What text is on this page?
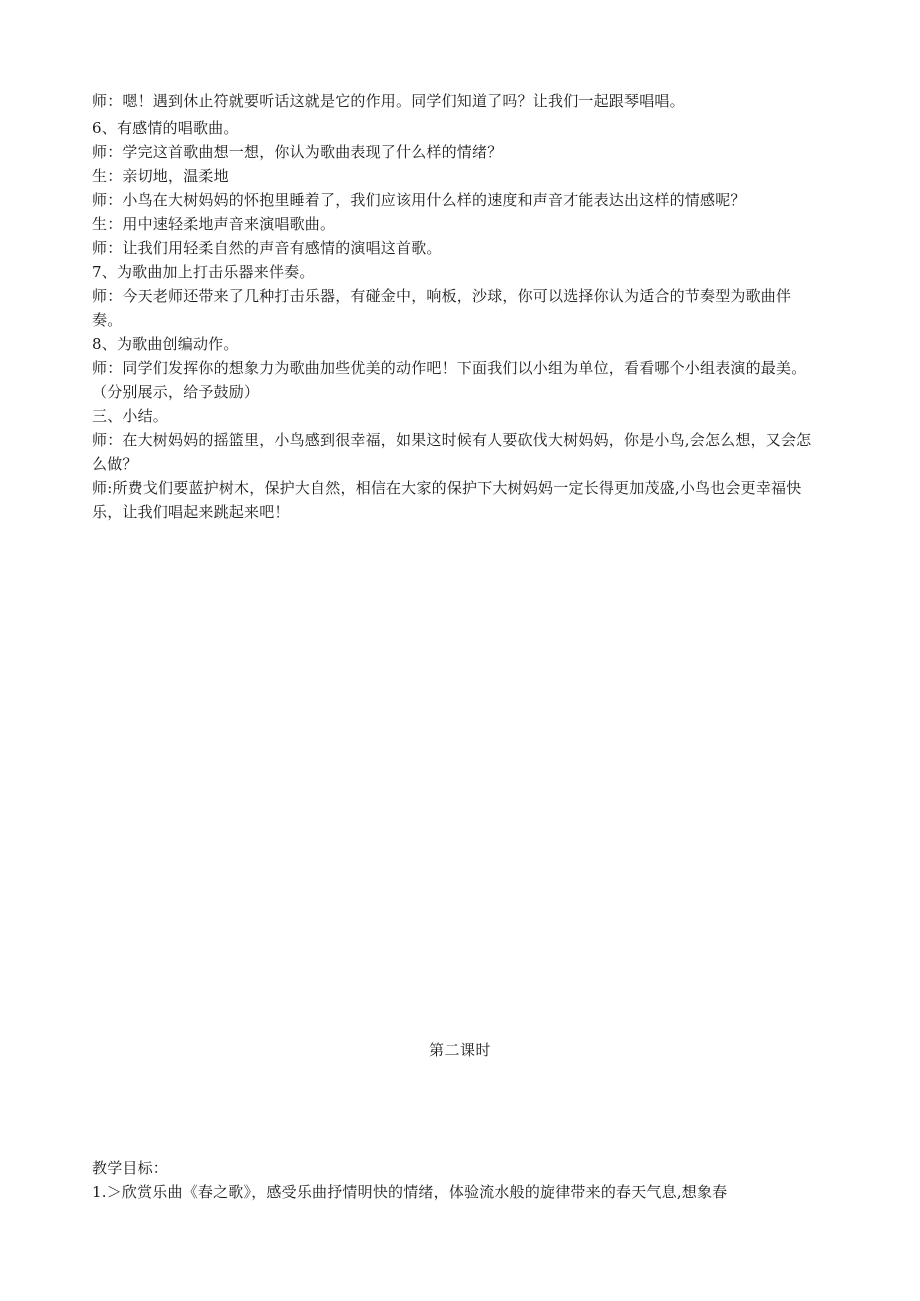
师：嗯！遇到休止符就要听话这就是它的作用。同学们知道了吗？让我们一起跟琴唱唱。

6、有感情的唱歌曲。

师：学完这首歌曲想一想，你认为歌曲表现了什么样的情绪？

生：亲切地，温柔地

师：小鸟在大树妈妈的怀抱里睡着了，我们应该用什么样的速度和声音才能表达出这样的情感呢？

生：用中速轻柔地声音来演唱歌曲。

师：让我们用轻柔自然的声音有感情的演唱这首歌。

7、为歌曲加上打击乐器来伴奏。

师：今天老师还带来了几种打击乐器，有碰金中，响板，沙球，你可以选择你认为适合的节奏型为歌曲伴奏。

8、为歌曲创编动作。

师：同学们发挥你的想象力为歌曲加些优美的动作吧！下面我们以小组为单位，看看哪个小组表演的最美。（分别展示，给予鼓励）

三、小结。

师：在大树妈妈的摇篮里，小鸟感到很幸福，如果这时候有人要砍伐大树妈妈，你是小鸟,会怎么想，又会怎么做？

师:所费戈们要蓝护树木，保护大自然，相信在大家的保护下大树妈妈一定长得更加茂盛,小鸟也会更幸福快乐，让我们唱起来跳起来吧！

第二课时

教学目标：

1.＞欣赏乐曲《春之歌》，感受乐曲抒情明快的情绪，体验流水般的旋律带来的春天气息,想象春
